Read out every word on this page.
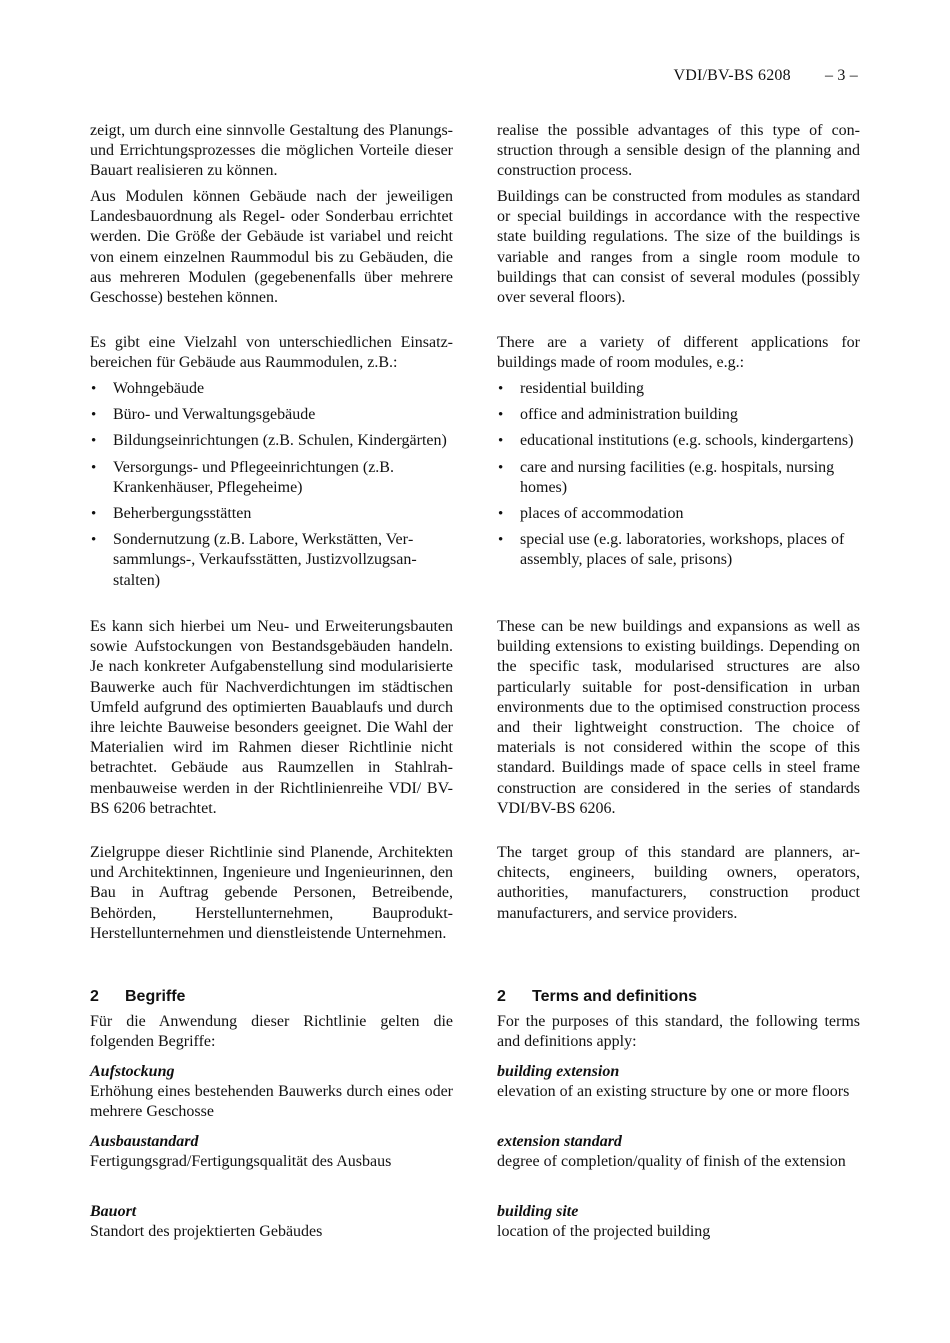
VDI/BV-BS 6208 – 3 –

zeigt, um durch eine sinnvolle Gestaltung des Planungs- und Errichtungsprozesses die möglichen Vorteile dieser Bauart realisieren zu können.

Aus Modulen können Gebäude nach der jeweiligen Landesbauordnung als Regel- oder Sonderbau errichtet werden. Die Größe der Gebäude ist variabel und reicht von einem einzelnen Raummodul bis zu Gebäuden, die aus mehreren Modulen (gegebenenfalls über mehrere Geschosse) bestehen können.

Es gibt eine Vielzahl von unterschiedlichen Einsatzbereichen für Gebäude aus Raummodulen, z.B.:

• Wohngebäude
• Büro- und Verwaltungsgebäude
• Bildungseinrichtungen (z.B. Schulen, Kindergärten)
• Versorgungs- und Pflegeeinrichtungen (z.B. Krankenhäuser, Pflegeheime)
• Beherbergungsstätten
• Sondernutzung (z.B. Labore, Werkstätten, Versammlungs-, Verkaufsstätten, Justizvollzugsanstalten)

Es kann sich hierbei um Neu- und Erweiterungsbauten sowie Aufstockungen von Bestandsgebäuden handeln. Je nach konkreter Aufgabenstellung sind modularisierte Bauwerke auch für Nachverdichtungen im städtischen Umfeld aufgrund des optimierten Bauablaufs und durch ihre leichte Bauweise besonders geeignet. Die Wahl der Materialien wird im Rahmen dieser Richtlinie nicht betrachtet. Gebäude aus Raumzellen in Stahlrahmenbauweise werden in der Richtlinienreihe VDI/ BV-BS 6206 betrachtet.

Zielgruppe dieser Richtlinie sind Planende, Architekten und Architektinnen, Ingenieure und Ingenieurinnen, den Bau in Auftrag gebende Personen, Betreibende, Behörden, Herstellunternehmen, Bauprodukt-Herstellunternehmen und dienstleistende Unternehmen.

2 Begriffe

Für die Anwendung dieser Richtlinie gelten die folgenden Begriffe:

Aufstockung

Erhöhung eines bestehenden Bauwerks durch eines oder mehrere Geschosse

Ausbaustandard

Fertigungsgrad/Fertigungsqualität des Ausbaus

Bauort

Standort des projektierten Gebäudes

realise the possible advantages of this type of construction through a sensible design of the planning and construction process.

Buildings can be constructed from modules as standard or special buildings in accordance with the respective state building regulations. The size of the buildings is variable and ranges from a single room module to buildings that can consist of several modules (possibly over several floors).

There are a variety of different applications for buildings made of room modules, e.g.:

• residential building
• office and administration building
• educational institutions (e.g. schools, kindergartens)
• care and nursing facilities (e.g. hospitals, nursing homes)
• places of accommodation
• special use (e.g. laboratories, workshops, places of assembly, places of sale, prisons)

These can be new buildings and expansions as well as building extensions to existing buildings. Depending on the specific task, modularised structures are also particularly suitable for post-densification in urban environments due to the optimised construction process and their lightweight construction. The choice of materials is not considered within the scope of this standard. Buildings made of space cells in steel frame construction are considered in the series of standards VDI/BV-BS 6206.

The target group of this standard are planners, architects, engineers, building owners, operators, authorities, manufacturers, construction product manufacturers, and service providers.

2 Terms and definitions

For the purposes of this standard, the following terms and definitions apply:

building extension

elevation of an existing structure by one or more floors

extension standard

degree of completion/quality of finish of the extension

building site

location of the projected building
